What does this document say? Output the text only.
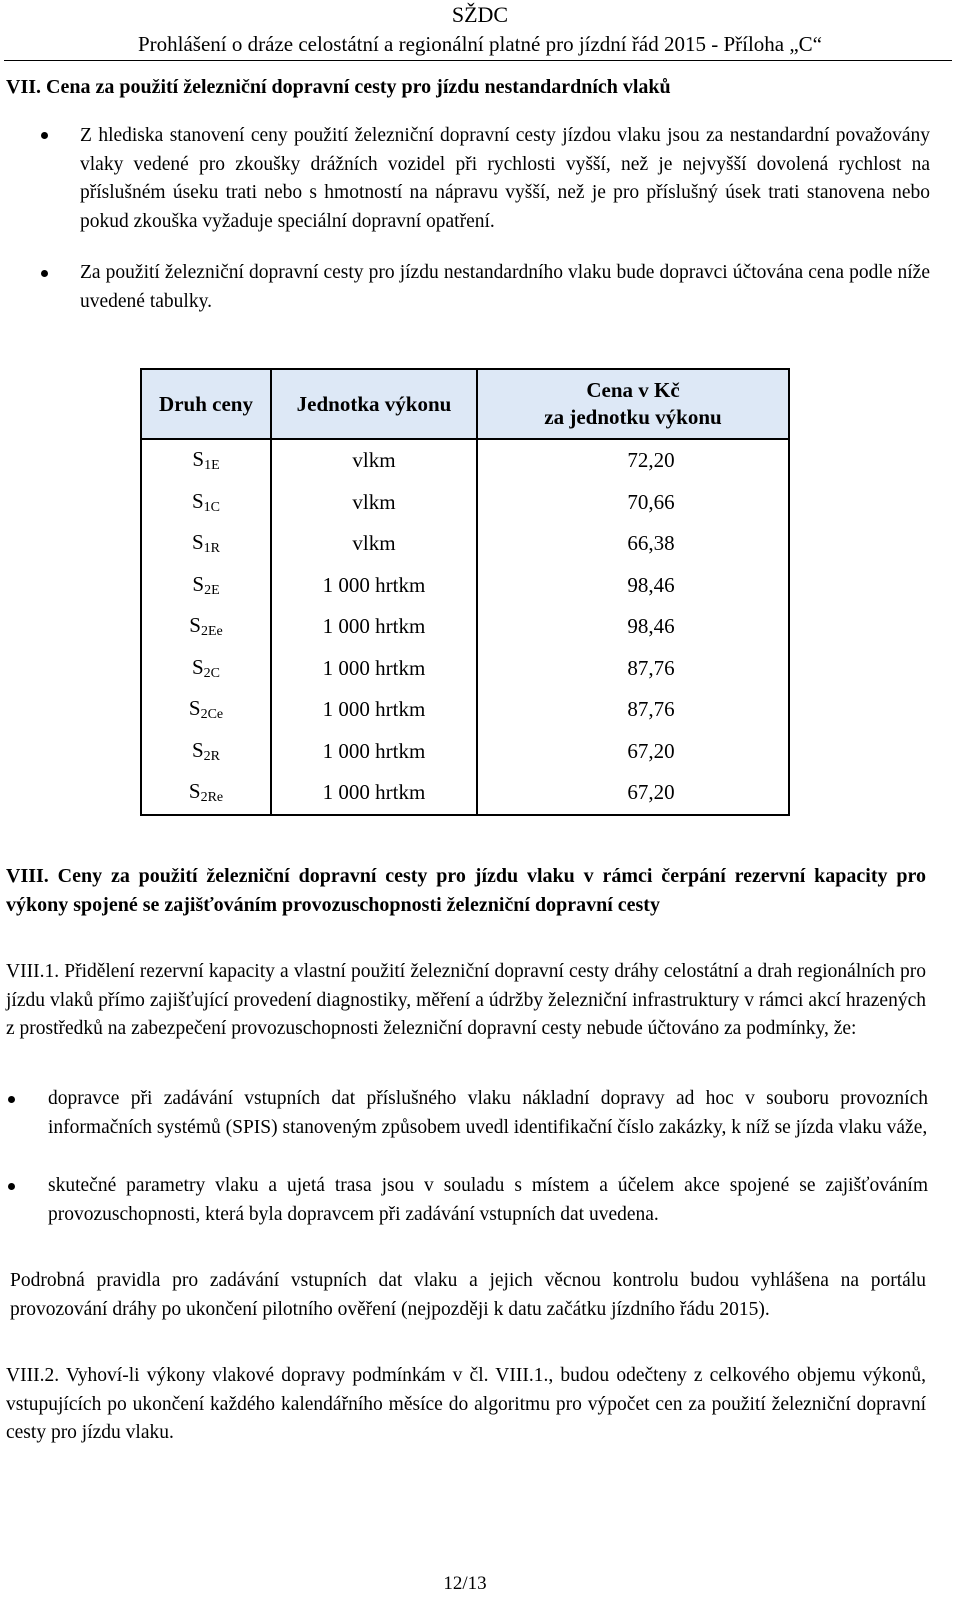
SŽDC
Prohlášení o dráze celostátní a regionální platné pro jízdní řád 2015 - Příloha „C“
VII. Cena za použití železniční dopravní cesty pro jízdu nestandardních vlaků
Z hlediska stanovení ceny použití železniční dopravní cesty jízdou vlaku jsou za nestandardní považovány vlaky vedené pro zkoušky drážních vozidel při rychlosti vyšší, než je nejvyšší dovolená rychlost na příslušném úseku trati nebo s hmotností na nápravu vyšší, než je pro příslušný úsek trati stanovena nebo pokud zkouška vyžaduje speciální dopravní opatření.
Za použití železniční dopravní cesty pro jízdu nestandardního vlaku bude dopravci účtována cena podle níže uvedené tabulky.
Druh ceny	Jednotka výkonu	Cena v Kč
za jednotku výkonu
$S_{1E}$	vlkm	72,20
$S_{1C}$	vlkm	70,66
$S_{1R}$	vlkm	66,38
$S_{2E}$	1 000 hrtkm	98,46
$S_{2Ee}$	1 000 hrtkm	98,46
$S_{2C}$	1 000 hrtkm	87,76
$S_{2Ce}$	1 000 hrtkm	87,76
$S_{2R}$	1 000 hrtkm	67,20
$S_{2Re}$	1 000 hrtkm	67,20
VIII. Ceny za použití železniční dopravní cesty pro jízdu vlaku v rámci čerpání rezervní kapacity pro výkony spojené se zajišťováním provozuschopnosti železniční dopravní cesty
VIII.1. Přidělení rezervní kapacity a vlastní použití železniční dopravní cesty dráhy celostátní a drah regionálních pro jízdu vlaků přímo zajišťující provedení diagnostiky, měření a údržby železniční infrastruktury v rámci akcí hrazených z prostředků na zabezpečení provozuschopnosti železniční dopravní cesty nebude účtováno za podmínky, že:
dopravce při zadávání vstupních dat příslušného vlaku nákladní dopravy ad hoc v souboru provozních informačních systémů (SPIS) stanoveným způsobem uvedl identifikační číslo zakázky, k níž se jízda vlaku váže,
skutečné parametry vlaku a ujetá trasa jsou v souladu s místem a účelem akce spojené se zajišťováním provozuschopnosti, která byla dopravcem při zadávání vstupních dat uvedena.
Podrobná pravidla pro zadávání vstupních dat vlaku a jejich věcnou kontrolu budou vyhlášena na portálu provozování dráhy po ukončení pilotního ověření (nejpozději k datu začátku jízdního řádu 2015).
VIII.2. Vyhoví-li výkony vlakové dopravy podmínkám v čl. VIII.1., budou odečteny z celkového objemu výkonů, vstupujících po ukončení každého kalendářního měsíce do algoritmu pro výpočet cen za použití železniční dopravní cesty pro jízdu vlaku.
12/13
